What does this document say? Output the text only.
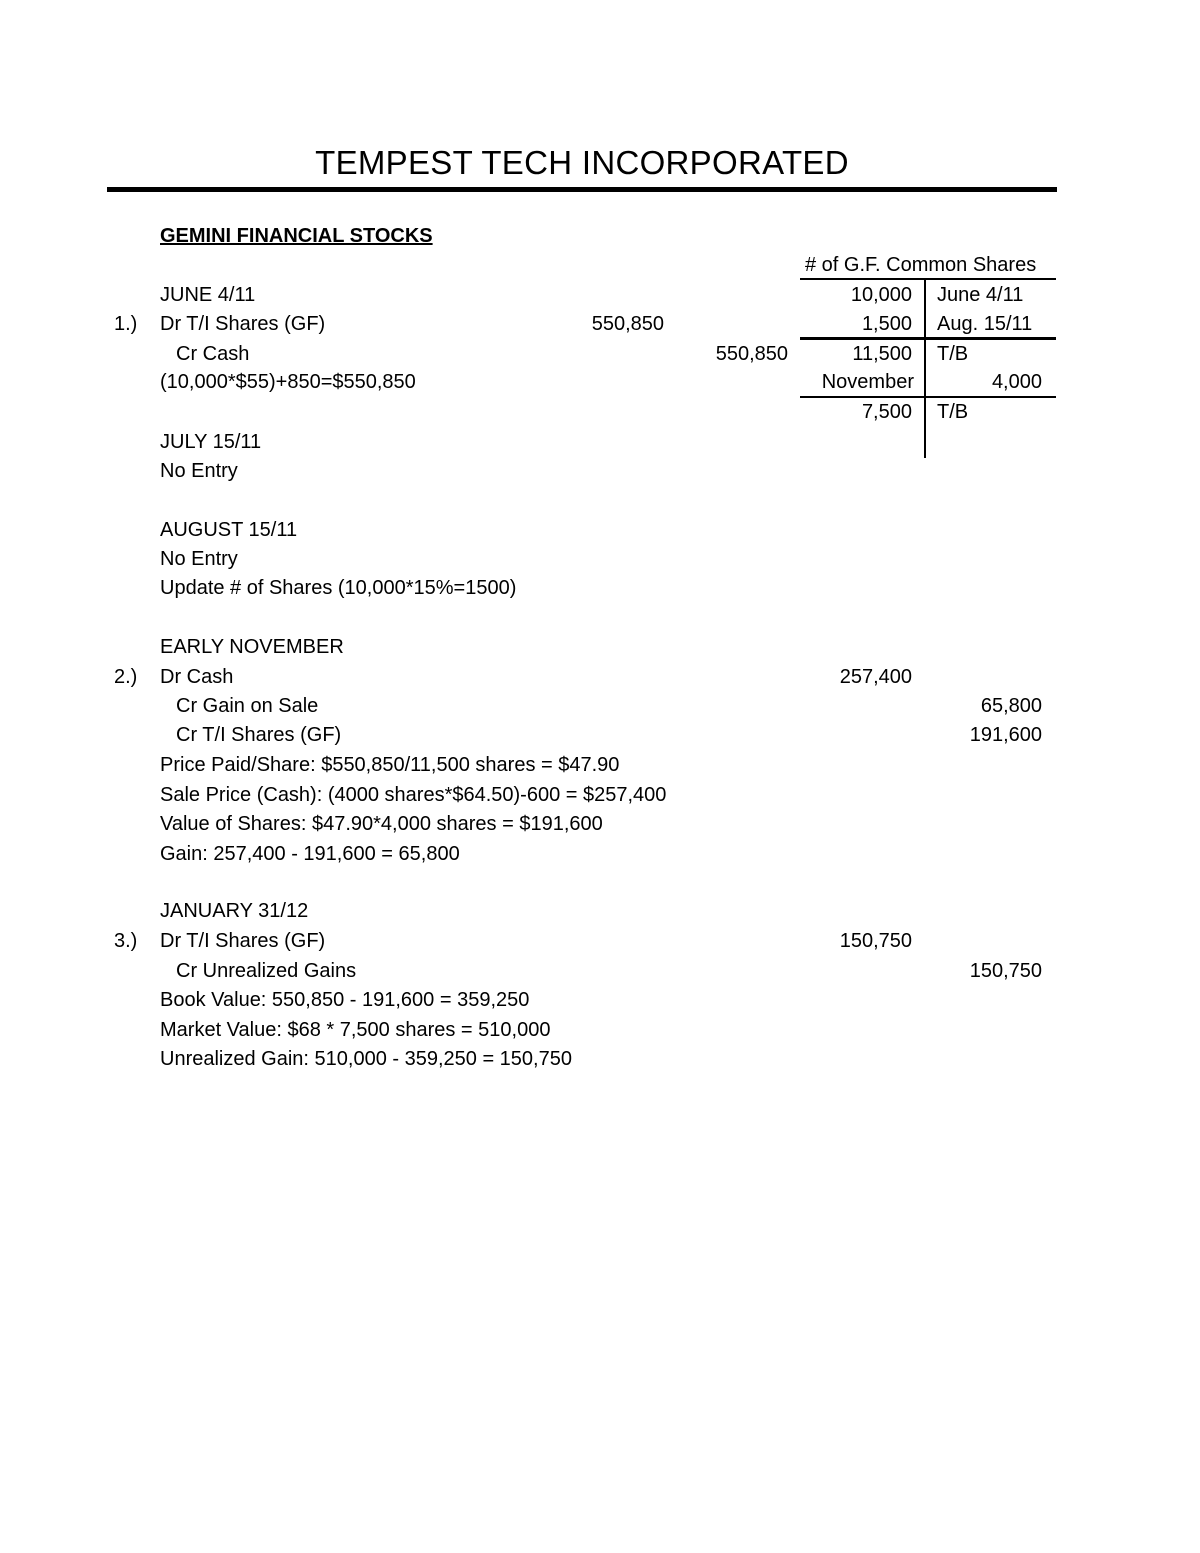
TEMPEST TECH INCORPORATED
GEMINI FINANCIAL STOCKS
# of G.F. Common Shares
10,000 June 4/11
1,500 Aug. 15/11
11,500 T/B
November	4,000
7,500 T/B
JUNE 4/11
1.) Dr T/I Shares (GF)	550,850
Cr Cash	550,850
(10,000*$55)+850=$550,850
JULY 15/11
No Entry
AUGUST 15/11
No Entry
Update # of Shares (10,000*15%=1500)
EARLY NOVEMBER
2.) Dr Cash	257,400
Cr Gain on Sale	65,800
Cr T/I Shares (GF)	191,600
Price Paid/Share: $550,850/11,500 shares = $47.90
Sale Price (Cash): (4000 shares*$64.50)-600 = $257,400
Value of Shares: $47.90*4,000 shares = $191,600
Gain: 257,400 - 191,600 = 65,800
JANUARY 31/12
3.) Dr T/I Shares (GF)	150,750
Cr Unrealized Gains	150,750
Book Value: 550,850 - 191,600 = 359,250
Market Value: $68 * 7,500 shares = 510,000
Unrealized Gain: 510,000 - 359,250 = 150,750
